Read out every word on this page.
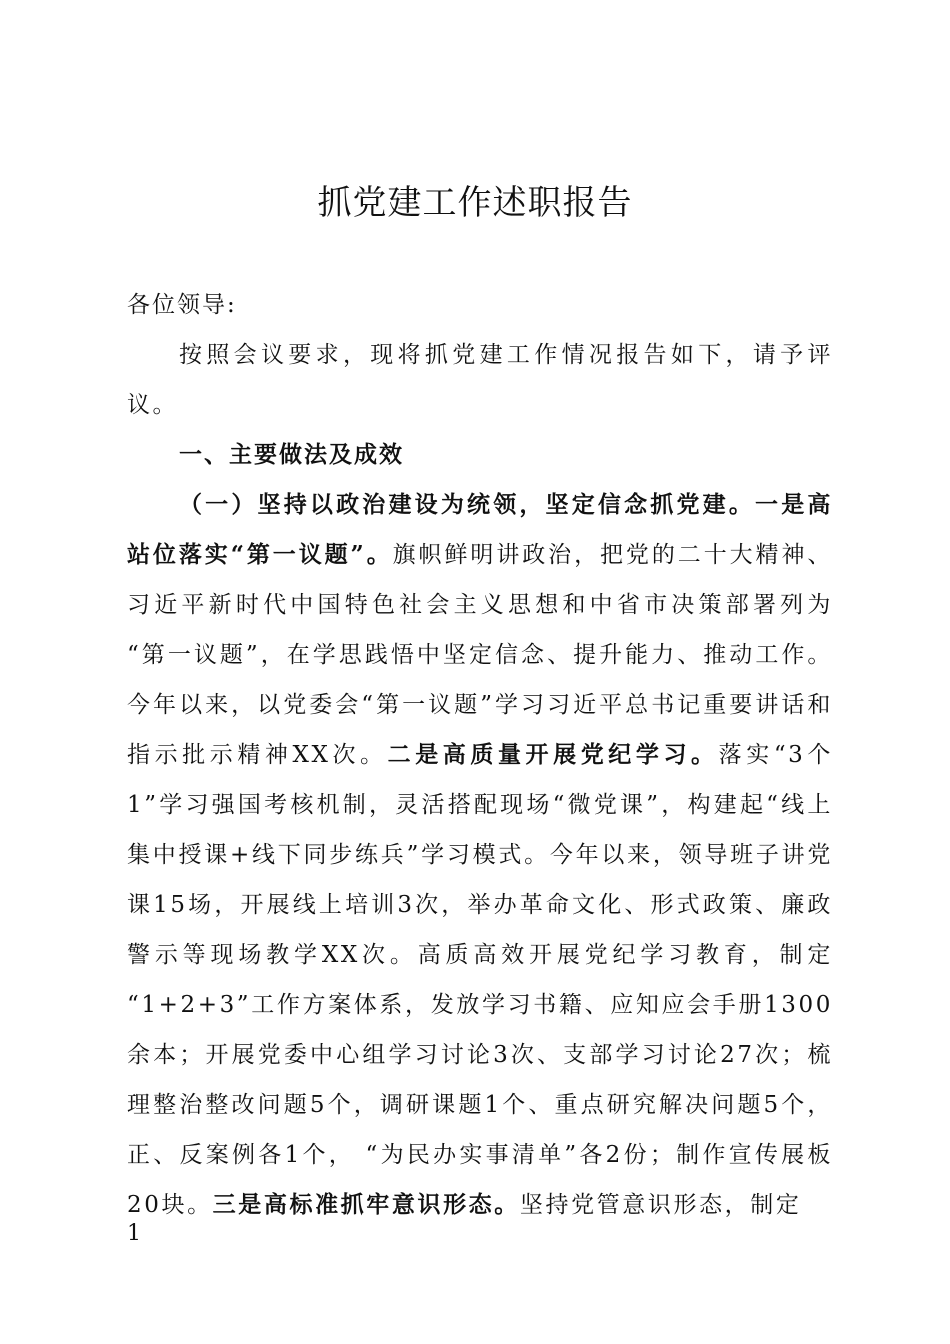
抓党建工作述职报告

各位领导:

按照会议要求，现将抓党建工作情况报告如下，请予评议。

一、主要做法及成效

（一）坚持以政治建设为统领，坚定信念抓党建。一是高站位落实“第一议题”。旗帜鲜明讲政治，把党的二十大精神、习近平新时代中国特色社会主义思想和中省市决策部署列为 “第一议题”，在学思践悟中坚定信念、提升能力、推动工作。今年以来，以党委会“第一议题”学习习近平总书记重要讲话和指示批示精神XX次。二是高质量开展党纪学习。落实“3个1”学习强国考核机制，灵活搭配现场“微党课”，构建起“线上集中授课+线下同步练兵”学习模式。今年以来，领导班子讲党课15场，开展线上培训3次，举办革命文化、形式政策、廉政警示等现场教学XX次。高质高效开展党纪学习教育，制定 “1+2+3”工作方案体系，发放学习书籍、应知应会手册1300余本；开展党委中心组学习讨论3次、支部学习讨论27次；梳理整治整改问题5个，调研课题1个、重点研究解决问题5个，正、反案例各1个， “为民办实事清单”各2份；制作宣传展板20块。三是高标准抓牢意识形态。坚持党管意识形态，制定

1
